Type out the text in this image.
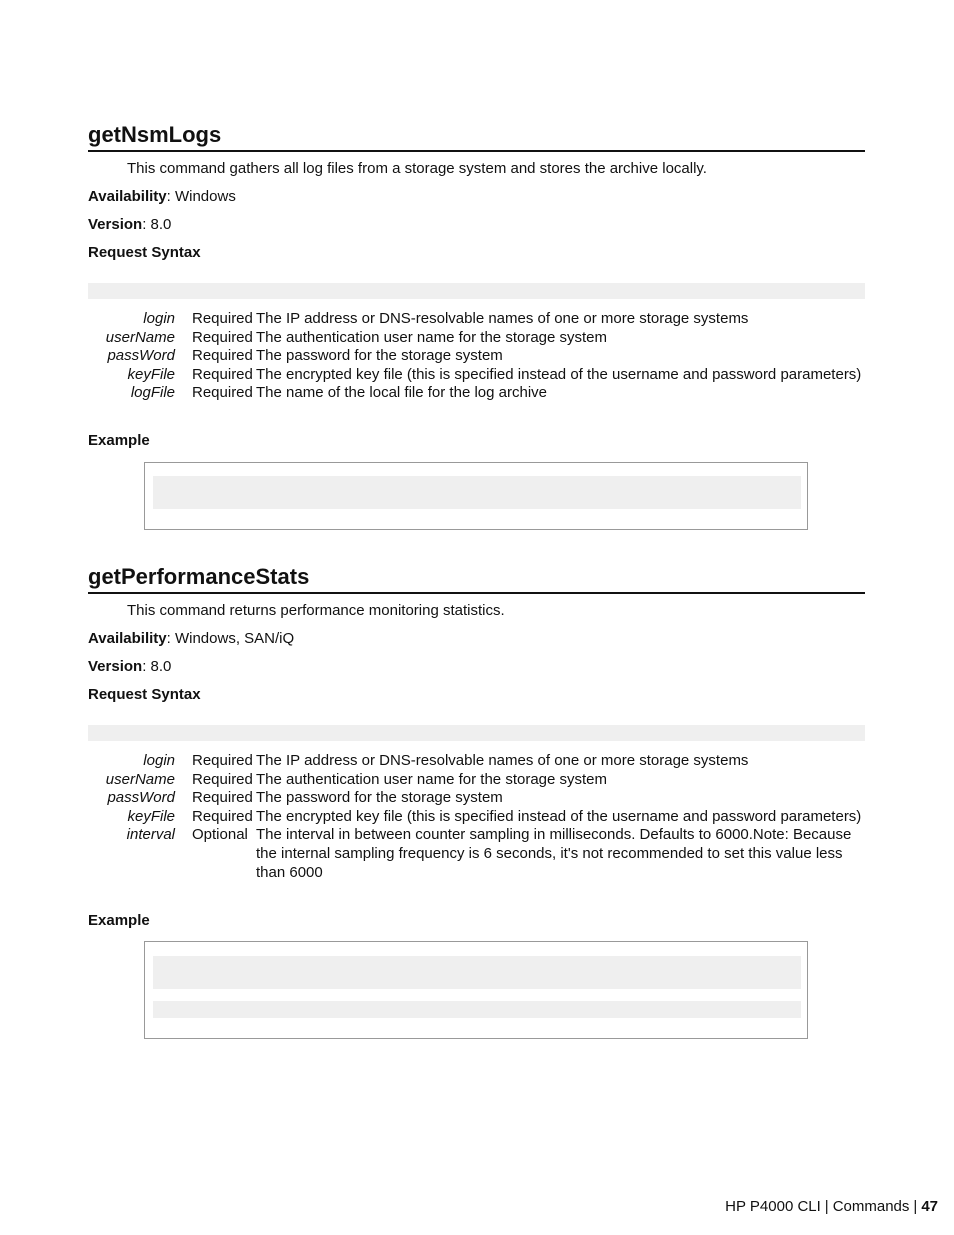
getNsmLogs
This command gathers all log files from a storage system and stores the archive locally.
Availability: Windows
Version: 8.0
Request Syntax
login	Required The IP address or DNS-resolvable names of one or more storage systems
userName	Required The authentication user name for the storage system
passWord	Required The password for the storage system
keyFile	Required The encrypted key file (this is specified instead of the username and password parameters)
logFile	Required The name of the local file for the log archive
Example
getPerformanceStats
This command returns performance monitoring statistics.
Availability: Windows, SAN/iQ
Version: 8.0
Request Syntax
login	Required The IP address or DNS-resolvable names of one or more storage systems
userName	Required The authentication user name for the storage system
passWord	Required The password for the storage system
keyFile	Required The encrypted key file (this is specified instead of the username and password parameters)
interval	Optional The interval in between counter sampling in milliseconds. Defaults to 6000.Note: Because the internal sampling frequency is 6 seconds, it's not recommended to set this value less than 6000
Example
HP P4000 CLI | Commands | 47
